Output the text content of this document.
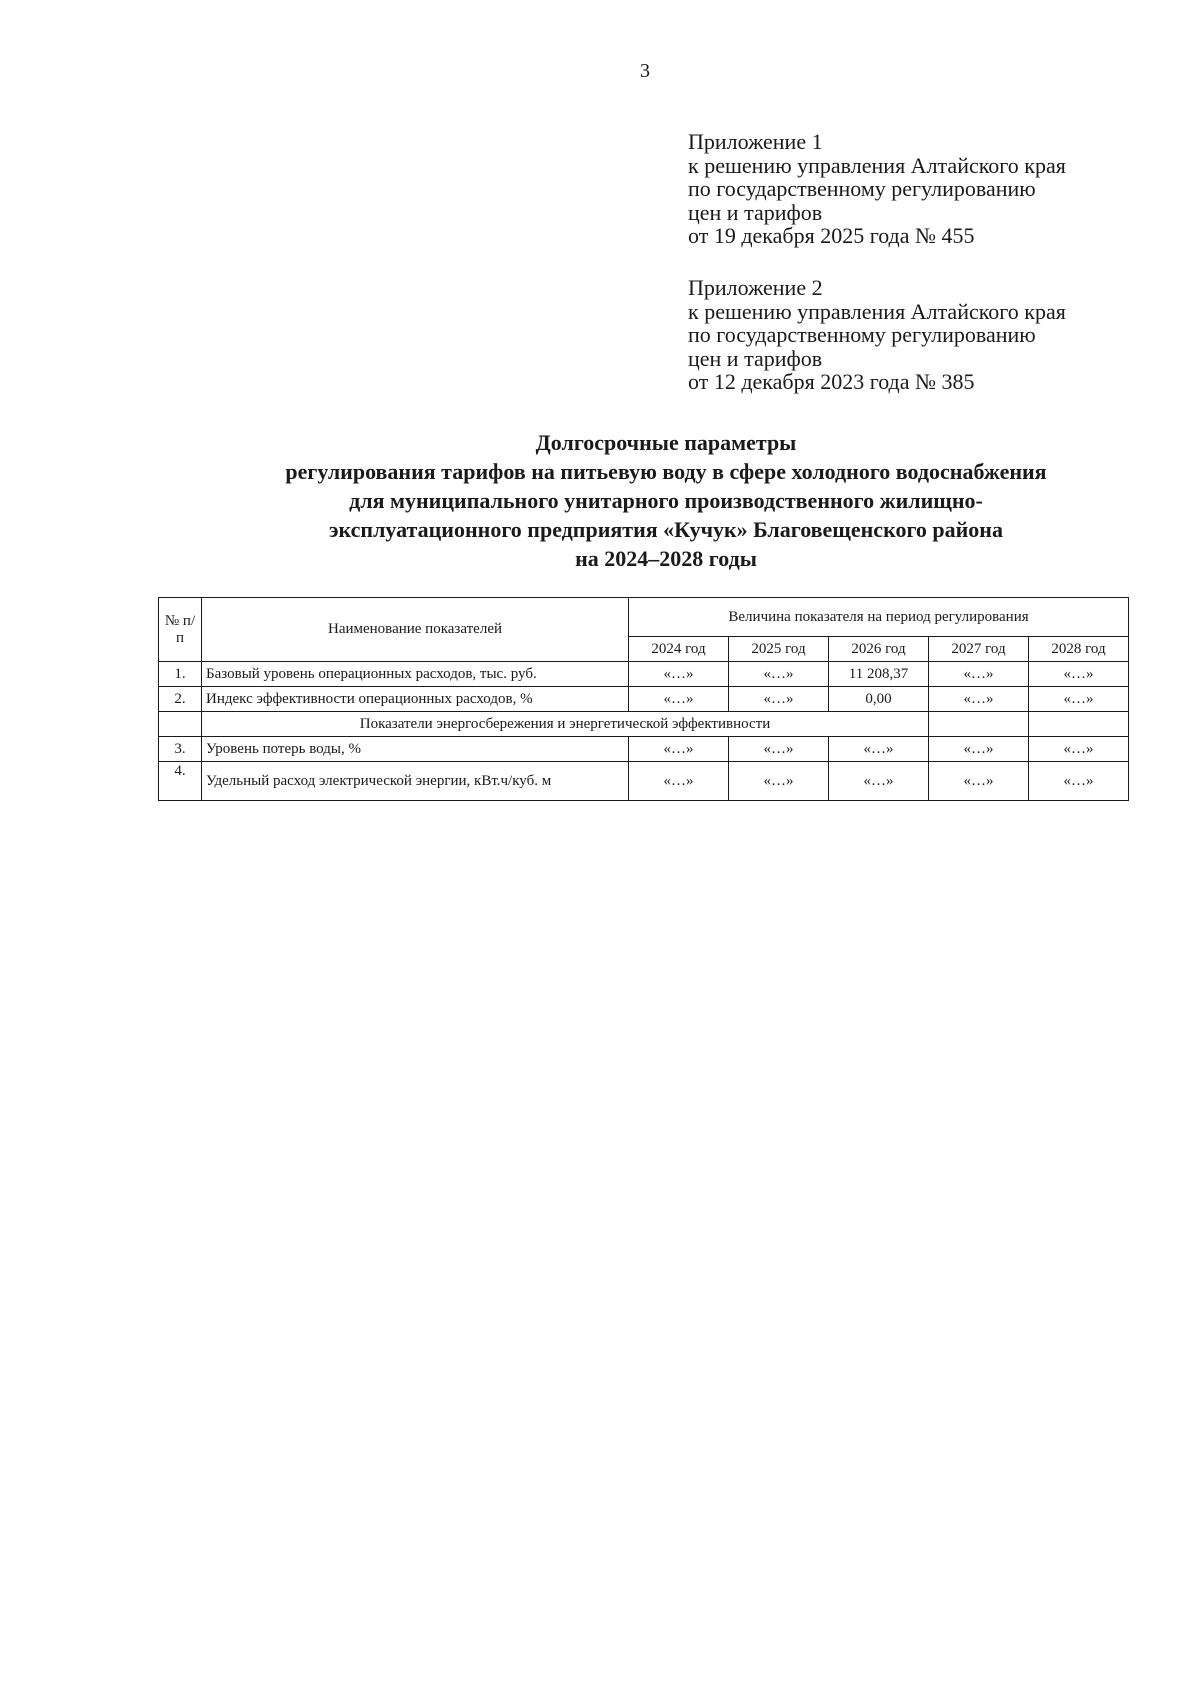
3
Приложение 1
к решению управления Алтайского края
по государственному регулированию
цен и тарифов
от 19 декабря 2025 года № 455
Приложение 2
к решению управления Алтайского края
по государственному регулированию
цен и тарифов
от 12 декабря 2023 года № 385
Долгосрочные параметры
регулирования тарифов на питьевую воду в сфере холодного водоснабжения
для муниципального унитарного производственного жилищно-
эксплуатационного предприятия «Кучук» Благовещенского района
на 2024–2028 годы
№ п/ п	Наименование показателей	Величина показателя на период регулирования				
		2024 год	2025 год	2026 год	2027 год	2028 год
1.	Базовый уровень операционных расходов, тыс. руб.	«…»	«…»	11 208,37	«…»	«…»
2.	Индекс эффективности операционных расходов, %	«…»	«…»	0,00	«…»	«…»
	Показатели энергосбережения и энергетической эффективности					
3.	Уровень потерь воды, %	«…»	«…»	«…»	«…»	«…»
4.	Удельный расход электрической энергии, кВт.ч/куб. м	«…»	«…»	«…»	«…»	«…»
